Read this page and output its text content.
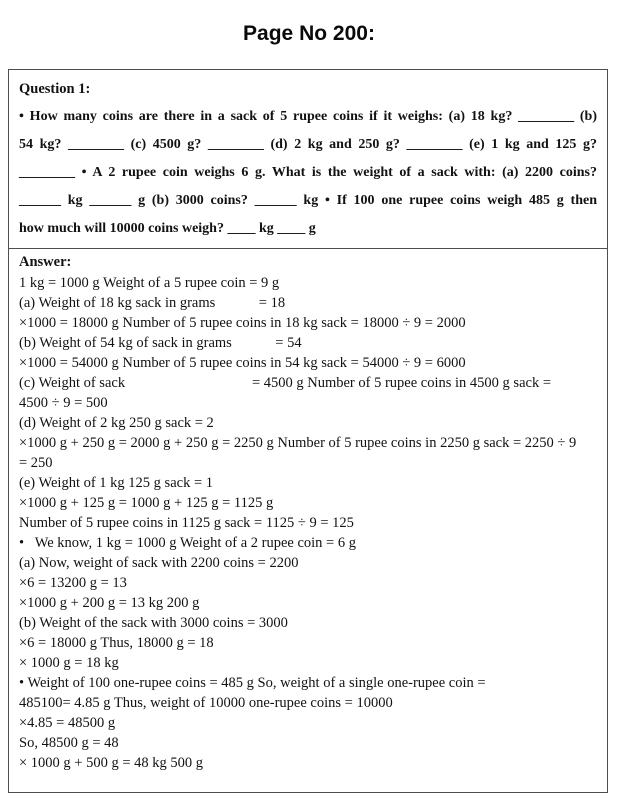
Page No 200:
Question 1:
• How many coins are there in a sack of 5 rupee coins if it weighs: (a) 18 kg? ________ (b)
54 kg? ________ (c) 4500 g? ________ (d) 2 kg and 250 g? ________ (e) 1 kg and 125 g?
________ • A 2 rupee coin weighs 6 g. What is the weight of a sack with: (a) 2200 coins?
______ kg ______ g (b) 3000 coins? ______ kg • If 100 one rupee coins weigh 485 g then
how much will 10000 coins weigh? ____ kg ____ g
Answer:
1 kg = 1000 g Weight of a 5 rupee coin = 9 g
(a) Weight of 18 kg sack in grams            = 18
×1000 = 18000 g Number of 5 rupee coins in 18 kg sack = 18000 ÷ 9 = 2000
(b) Weight of 54 kg of sack in grams            = 54
×1000 = 54000 g Number of 5 rupee coins in 54 kg sack = 54000 ÷ 9 = 6000
(c) Weight of sack                                   = 4500 g Number of 5 rupee coins in 4500 g sack =
4500 ÷ 9 = 500
(d) Weight of 2 kg 250 g sack = 2
×1000 g + 250 g = 2000 g + 250 g = 2250 g Number of 5 rupee coins in 2250 g sack = 2250 ÷ 9
= 250
(e) Weight of 1 kg 125 g sack = 1
×1000 g + 125 g = 1000 g + 125 g = 1125 g
Number of 5 rupee coins in 1125 g sack = 1125 ÷ 9 = 125
•   We know, 1 kg = 1000 g Weight of a 2 rupee coin = 6 g
(a) Now, weight of sack with 2200 coins = 2200
×6 = 13200 g = 13
×1000 g + 200 g = 13 kg 200 g
(b) Weight of the sack with 3000 coins = 3000
×6 = 18000 g Thus, 18000 g = 18
× 1000 g = 18 kg
• Weight of 100 one-rupee coins = 485 g So, weight of a single one-rupee coin =
485100= 4.85 g Thus, weight of 10000 one-rupee coins = 10000
×4.85 = 48500 g
So, 48500 g = 48
× 1000 g + 500 g = 48 kg 500 g
